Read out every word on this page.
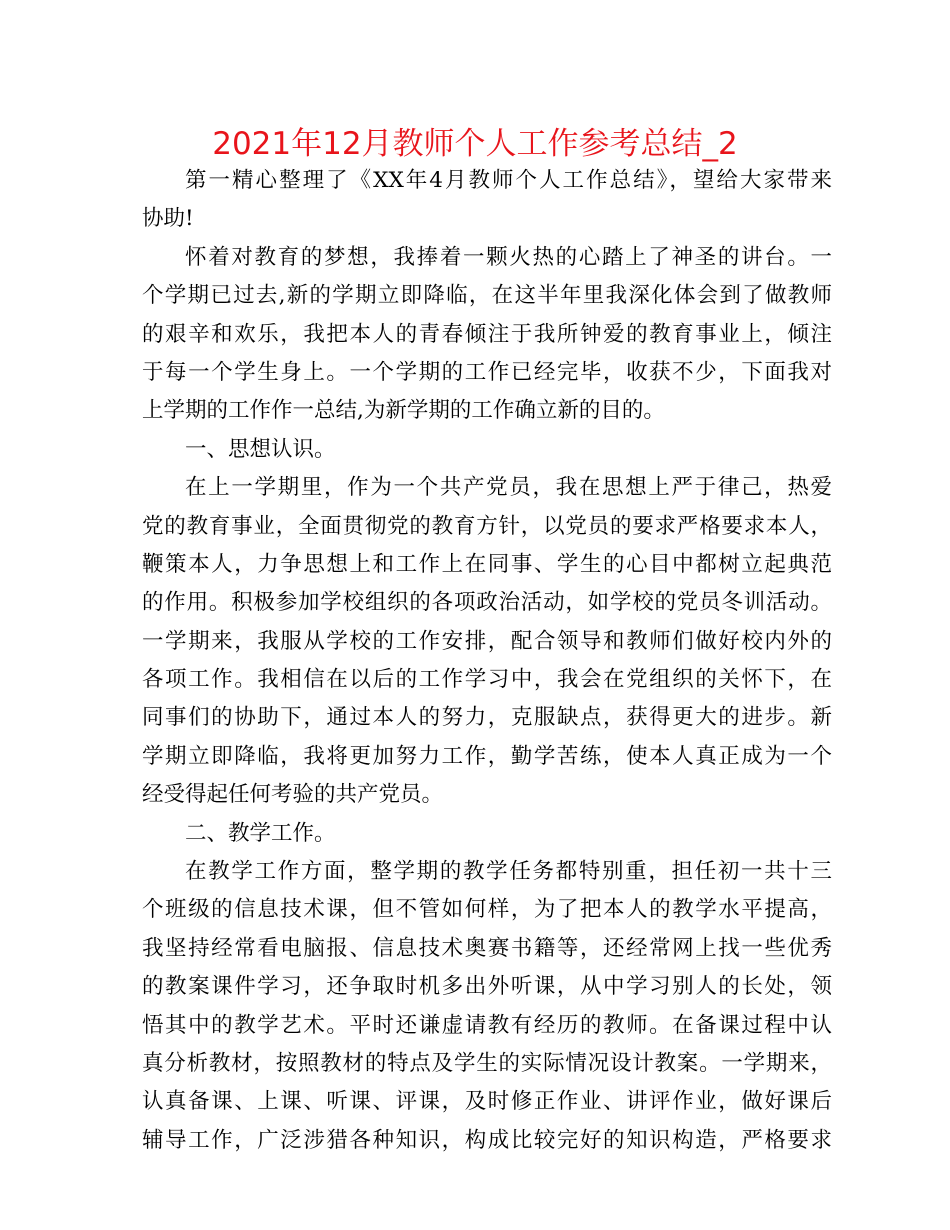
2021年12月教师个人工作参考总结_2

第一精心整理了《XX年4月教师个人工作总结》，望给大家带来

协助!

怀着对教育的梦想，我捧着一颗火热的心踏上了神圣的讲台。一

个学期已过去,新的学期立即降临，在这半年里我深化体会到了做教师

的艰辛和欢乐，我把本人的青春倾注于我所钟爱的教育事业上，倾注

于每一个学生身上。一个学期的工作已经完毕，收获不少，下面我对

上学期的工作作一总结,为新学期的工作确立新的目的。

一、思想认识。

在上一学期里，作为一个共产党员，我在思想上严于律己，热爱

党的教育事业，全面贯彻党的教育方针，以党员的要求严格要求本人，

鞭策本人，力争思想上和工作上在同事、学生的心目中都树立起典范

的作用。积极参加学校组织的各项政治活动，如学校的党员冬训活动。

一学期来，我服从学校的工作安排，配合领导和教师们做好校内外的

各项工作。我相信在以后的工作学习中，我会在党组织的关怀下，在

同事们的协助下，通过本人的努力，克服缺点，获得更大的进步。新

学期立即降临，我将更加努力工作，勤学苦练，使本人真正成为一个

经受得起任何考验的共产党员。

二、教学工作。

在教学工作方面，整学期的教学任务都特别重，担任初一共十三

个班级的信息技术课，但不管如何样，为了把本人的教学水平提高，

我坚持经常看电脑报、信息技术奥赛书籍等，还经常网上找一些优秀

的教案课件学习，还争取时机多出外听课，从中学习别人的长处，领

悟其中的教学艺术。平时还谦虚请教有经历的教师。在备课过程中认

真分析教材，按照教材的特点及学生的实际情况设计教案。一学期来，

认真备课、上课、听课、评课，及时修正作业、讲评作业，做好课后

辅导工作，广泛涉猎各种知识，构成比较完好的知识构造，严格要求
